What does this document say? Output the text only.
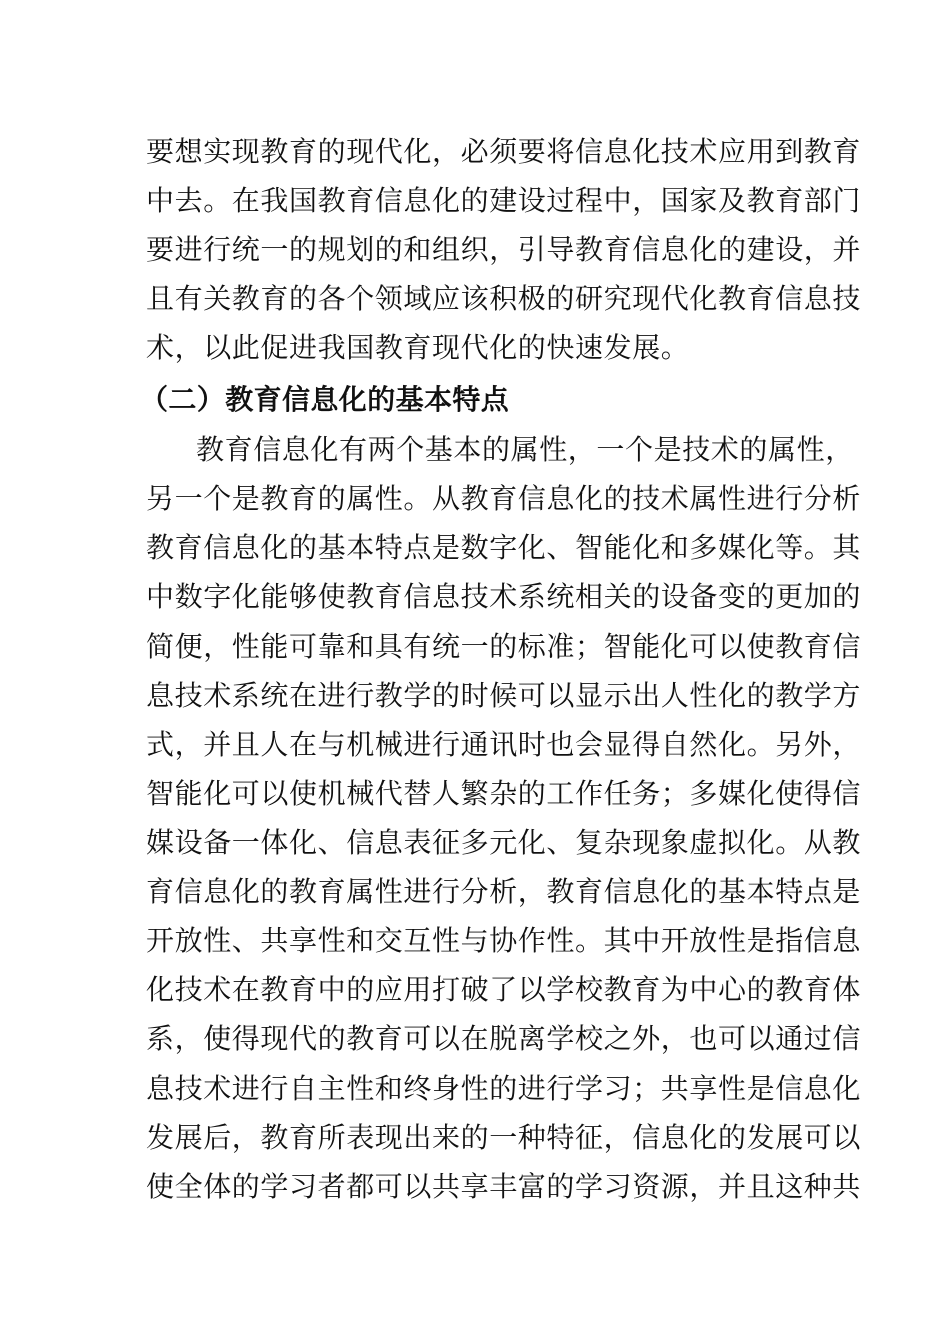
要想实现教育的现代化，必须要将信息化技术应用到教育
中去。在我国教育信息化的建设过程中，国家及教育部门
要进行统一的规划的和组织，引导教育信息化的建设，并
且有关教育的各个领域应该积极的研究现代化教育信息技
术，以此促进我国教育现代化的快速发展。
（二）教育信息化的基本特点
教育信息化有两个基本的属性，一个是技术的属性，
另一个是教育的属性。从教育信息化的技术属性进行分析
教育信息化的基本特点是数字化、智能化和多媒化等。其
中数字化能够使教育信息技术系统相关的设备变的更加的
简便，性能可靠和具有统一的标准；智能化可以使教育信
息技术系统在进行教学的时候可以显示出人性化的教学方
式，并且人在与机械进行通讯时也会显得自然化。另外，
智能化可以使机械代替人繁杂的工作任务；多媒化使得信
媒设备一体化、信息表征多元化、复杂现象虚拟化。从教
育信息化的教育属性进行分析，教育信息化的基本特点是
开放性、共享性和交互性与协作性。其中开放性是指信息
化技术在教育中的应用打破了以学校教育为中心的教育体
系，使得现代的教育可以在脱离学校之外，也可以通过信
息技术进行自主性和终身性的进行学习；共享性是信息化
发展后，教育所表现出来的一种特征，信息化的发展可以
使全体的学习者都可以共享丰富的学习资源，并且这种共
